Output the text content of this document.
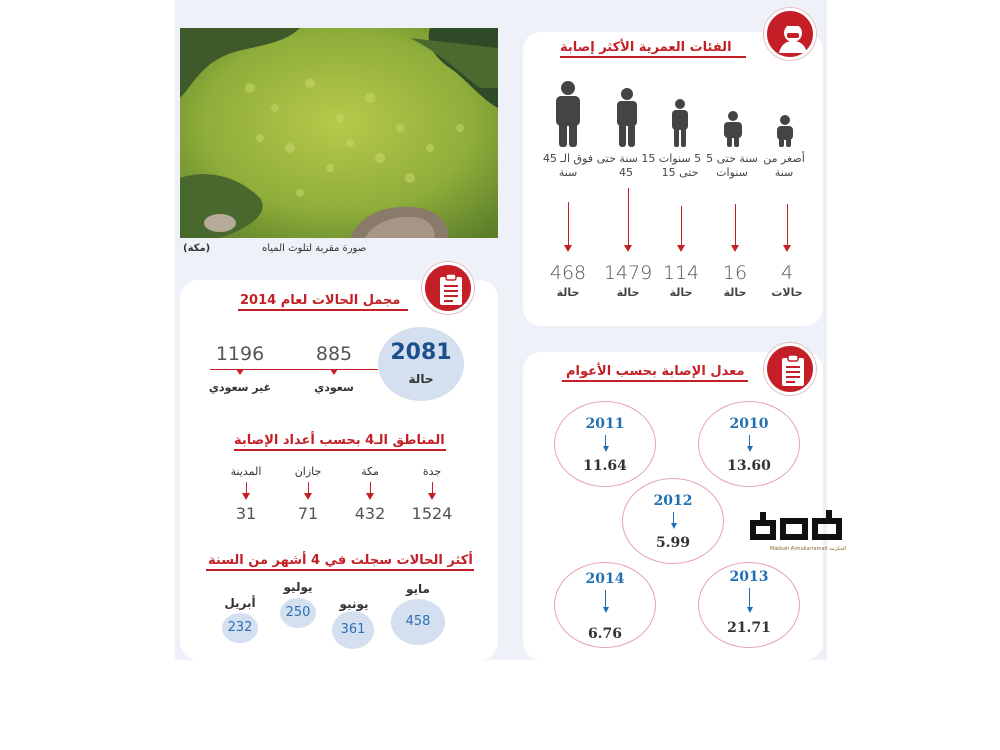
صورة مقربة لتلوث المياه
(مكة)
الفئات العمرية الأكثر إصابة
أصغر من سنة
سنة حتى 5 سنوات
5 سنوات حتى 15
15 سنة حتى 45
فوق الـ 45 سنة
4
16
114
1479
468
حالات
حالة
حالة
حالة
حالة
مجمل الحالات لعام 2014
2081
حالة
885
1196
سعودي
غير سعودي
المناطق الـ4 بحسب أعداد الإصابة
جدة
مكة
جازان
المدينة
1524
432
71
31
أكثر الحالات سجلت في 4 أشهر من السنة
مايو
يونيو
يوليو
أبريل
458
361
250
232
معدل الإصابة بحسب الأعوام
2010
13.60
2011
11.64
2012
5.99
2013
21.71
2014
6.76
Makkah Almukarramah المكرمة
